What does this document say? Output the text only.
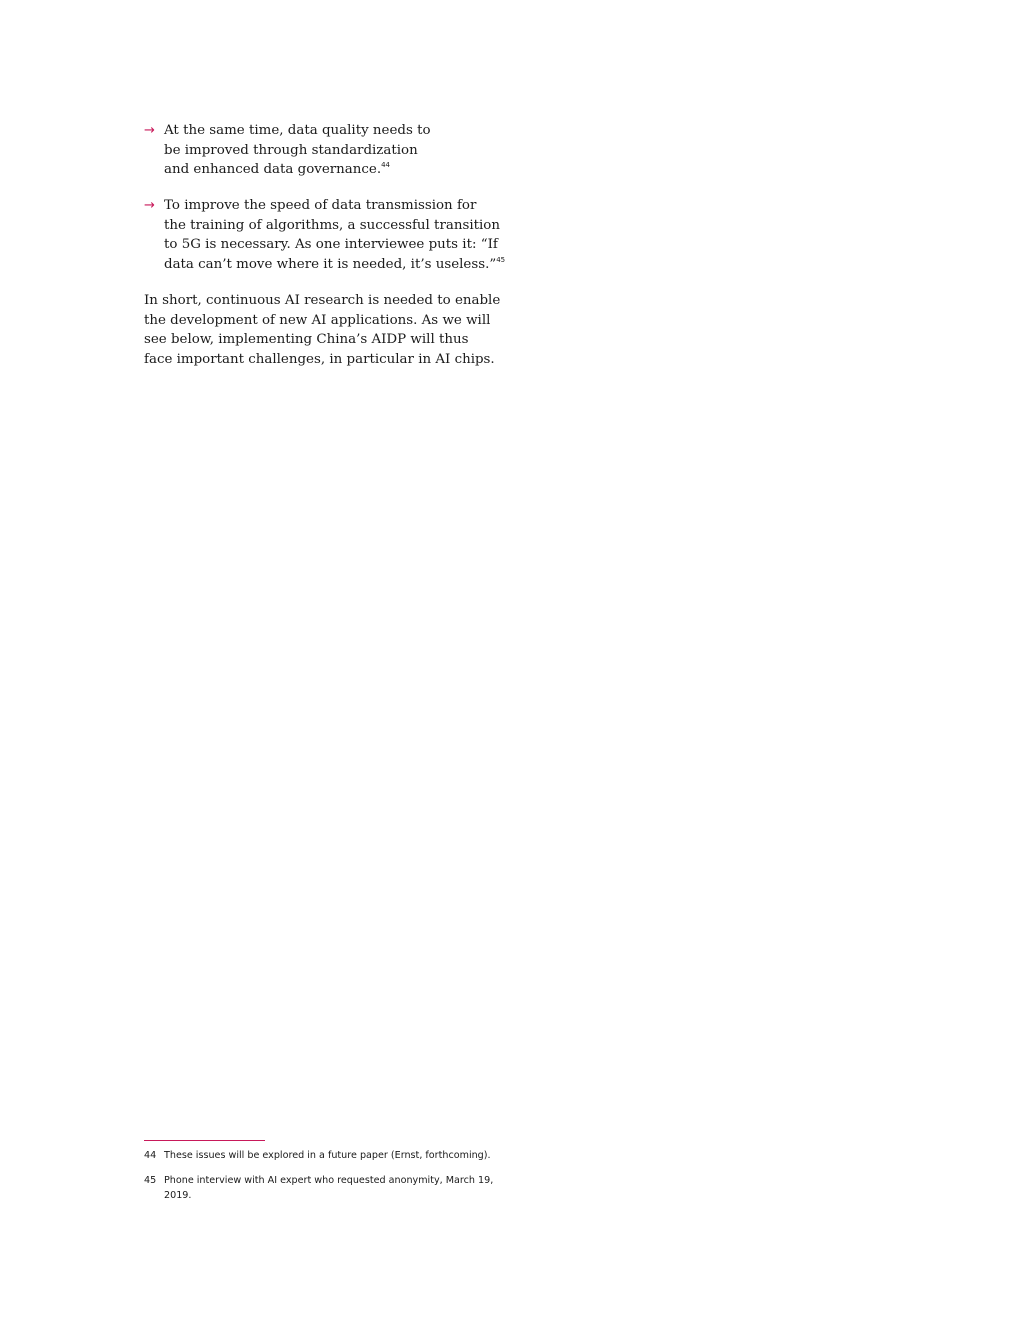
→ At the same time, data quality needs to
be improved through standardization
and enhanced data governance.$^{44}$
→ To improve the speed of data transmission for
the training of algorithms, a successful transition
to 5G is necessary. As one interviewee puts it: “If
data can’t move where it is needed, it’s useless.”$^{45}$
In short, continuous AI research is needed to enable
the development of new AI applications. As we will
see below, implementing China’s AIDP will thus
face important challenges, in particular in AI chips.
44 These issues will be explored in a future paper (Ernst, forthcoming).
45 Phone interview with AI expert who requested anonymity, March 19,
2019.
